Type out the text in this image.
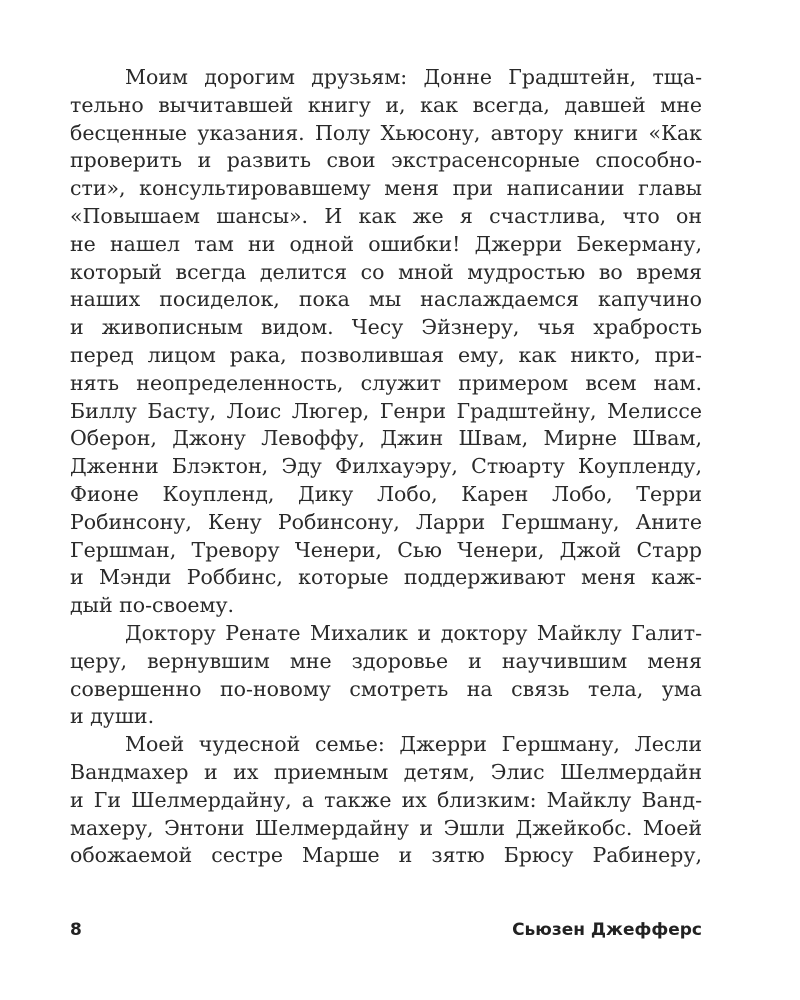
Моим дорогим друзьям: Донне Градштейн, тща-
тельно вычитавшей книгу и, как всегда, давшей мне
бесценные указания. Полу Хьюсону, автору книги «Как
проверить и развить свои экстрасенсорные способно-
сти», консультировавшему меня при написании главы
«Повышаем шансы». И как же я счастлива, что он
не нашел там ни одной ошибки! Джерри Бекерману,
который всегда делится со мной мудростью во время
наших посиделок, пока мы наслаждаемся капучино
и живописным видом. Чесу Эйзнеру, чья храбрость
перед лицом рака, позволившая ему, как никто, при-
нять неопределенность, служит примером всем нам.
Биллу Басту, Лоис Люгер, Генри Градштейну, Мелиссе
Оберон, Джону Левоффу, Джин Швам, Мирне Швам,
Дженни Блэктон, Эду Филхауэру, Стюарту Коупленду,
Фионе Коупленд, Дику Лобо, Карен Лобо, Терри
Робинсону, Кену Робинсону, Ларри Гершману, Аните
Гершман, Тревору Ченери, Сью Ченери, Джой Старр
и Мэнди Роббинс, которые поддерживают меня каж-
дый по-своему.
Доктору Ренате Михалик и доктору Майклу Галит-
церу, вернувшим мне здоровье и научившим меня
совершенно по-новому смотреть на связь тела, ума
и души.
Моей чудесной семье: Джерри Гершману, Лесли
Вандмахер и их приемным детям, Элис Шелмердайн
и Ги Шелмердайну, а также их близким: Майклу Ванд-
махеру, Энтони Шелмердайну и Эшли Джейкобс. Моей
обожаемой сестре Марше и зятю Брюсу Рабинеру,
8	Сьюзен Джефферс
